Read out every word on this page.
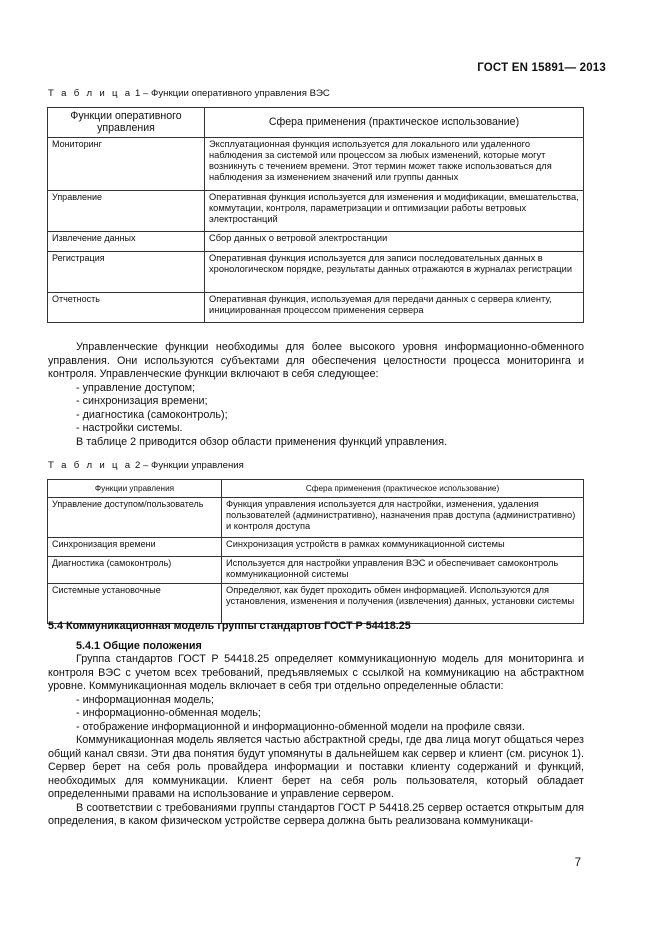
ГОСТ EN 15891— 2013
Т а б л и ц а 1 – Функции оперативного управления ВЭС
Функции оперативного управления	Сфера применения (практическое использование)
Мониторинг	Эксплуатационная функция используется для локального или удаленного наблюдения за системой или процессом за любых изменений, которые могут возникнуть с течением времени. Этот термин может также использоваться для наблюдения за изменением значений или группы данных
Управление	Оперативная функция используется для изменения и модификации, вмешательства, коммутации, контроля, параметризации и оптимизации работы ветровых электростанций
Извлечение данных	Сбор данных о ветровой электростанции
Регистрация	Оперативная функция используется для записи последовательных данных в хронологическом порядке, результаты данных отражаются в журналах регистрации
Отчетность	Оперативная функция, используемая для передачи данных с сервера клиенту, инициированная процессом применения сервера

Управленческие функции необходимы для более высокого уровня информационно-обменного управления. Они используются субъектами для обеспечения целостности процесса мониторинга и контроля. Управленческие функции включают в себя следующее:

- управление доступом;

- синхронизация времени;

- диагностика (самоконтроль);

- настройки системы.

В таблице 2 приводится обзор области применения функций управления.

Т а б л и ц а 2 – Функции управления
Функции управления	Сфера применения (практическое использование)
Управление доступом/пользователь	Функция управления используется для настройки, изменения, удаления пользователей (административно), назначения прав доступа (административно) и контроля доступа
Синхронизация времени	Синхронизация устройств в рамках коммуникационной системы
Диагностика (самоконтроль)	Используется для настройки управления ВЭС и обеспечивает самоконтроль коммуникационной системы
Системные установочные	Определяют, как будет проходить обмен информацией. Используются для установления, изменения и получения (извлечения) данных, установки системы

5.4 Коммуникационная модель группы стандартов ГОСТ Р 54418.25

5.4.1 Общие положения

Группа стандартов ГОСТ Р 54418.25 определяет коммуникационную модель для мониторинга и контроля ВЭС с учетом всех требований, предъявляемых с ссылкой на коммуникацию на абстрактном уровне. Коммуникационная модель включает в себя три отдельно определенные области:

- информационная модель;

- информационно-обменная модель;

- отображение информационной и информационно-обменной модели на профиле связи.

Коммуникационная модель является частью абстрактной среды, где два лица могут общаться через общий канал связи. Эти два понятия будут упомянуты в дальнейшем как сервер и клиент (см. рисунок 1). Сервер берет на себя роль провайдера информации и поставки клиенту содержаний и функций, необходимых для коммуникации. Клиент берет на себя роль пользователя, который обладает определенными правами на использование и управление сервером.

В соответствии с требованиями группы стандартов ГОСТ Р 54418.25 сервер остается открытым для определения, в каком физическом устройстве сервера должна быть реализована коммуникаци-

7
